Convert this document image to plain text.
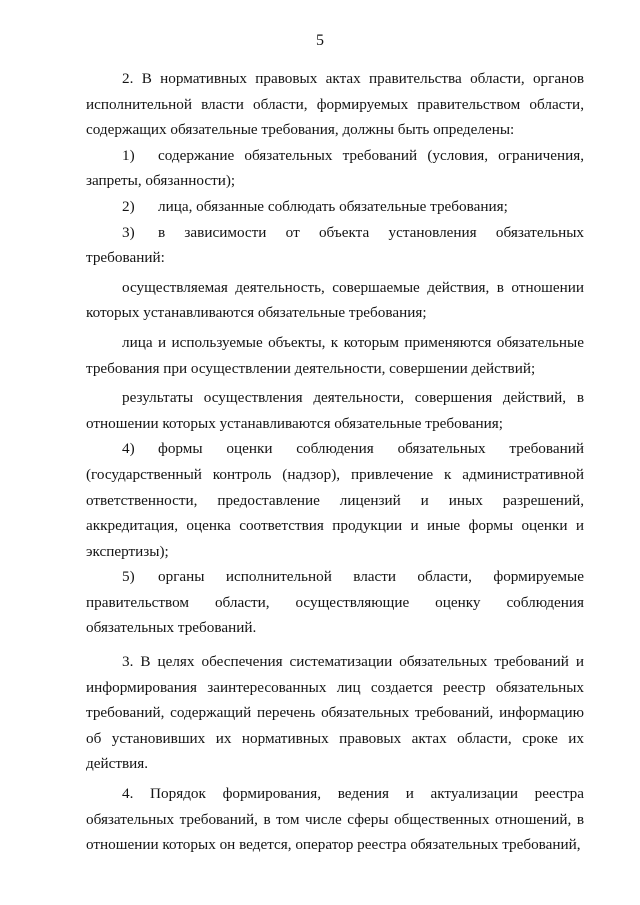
5

2. В нормативных правовых актах правительства области, органов исполнительной власти области, формируемых правительством области, содержащих обязательные требования, должны быть определены:

1) содержание обязательных требований (условия, ограничения, запреты, обязанности);

2) лица, обязанные соблюдать обязательные требования;

3) в зависимости от объекта установления обязательных требований:

осуществляемая деятельность, совершаемые действия, в отношении которых устанавливаются обязательные требования;

лица и используемые объекты, к которым применяются обязательные требования при осуществлении деятельности, совершении действий;

результаты осуществления деятельности, совершения действий, в отношении которых устанавливаются обязательные требования;

4) формы оценки соблюдения обязательных требований (государственный контроль (надзор), привлечение к административной ответственности, предоставление лицензий и иных разрешений, аккредитация, оценка соответствия продукции и иные формы оценки и экспертизы);

5) органы исполнительной власти области, формируемые правительством области, осуществляющие оценку соблюдения обязательных требований.

3. В целях обеспечения систематизации обязательных требований и информирования заинтересованных лиц создается реестр обязательных требований, содержащий перечень обязательных требований, информацию об установивших их нормативных правовых актах области, сроке их действия.

4. Порядок формирования, ведения и актуализации реестра обязательных требований, в том числе сферы общественных отношений, в отношении которых он ведется, оператор реестра обязательных требований,
